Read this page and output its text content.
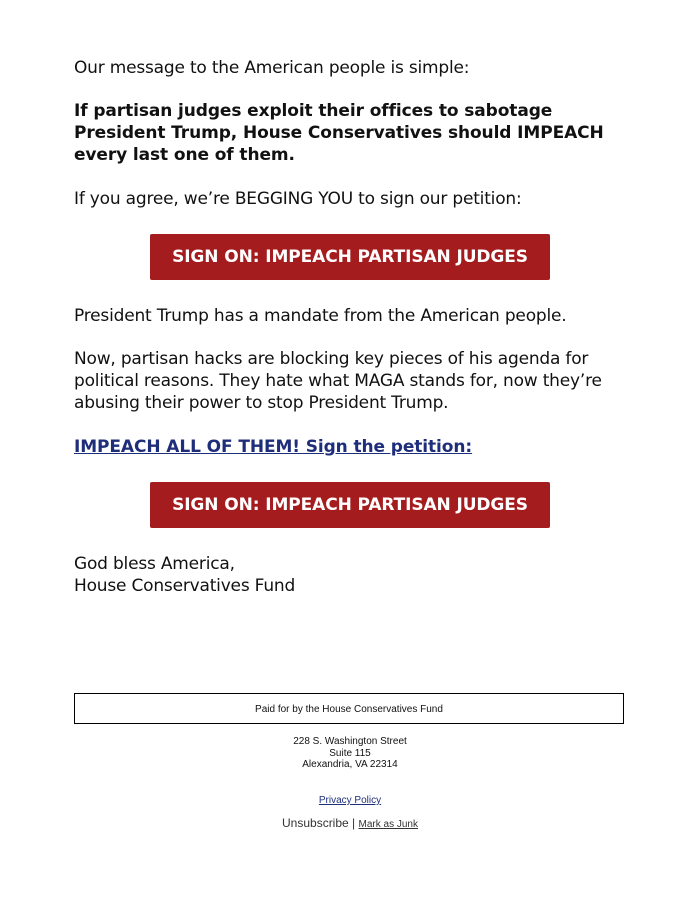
Our message to the American people is simple:

If partisan judges exploit their offices to sabotage President Trump, House Conservatives should IMPEACH every last one of them.

If you agree, we’re BEGGING YOU to sign our petition:

SIGN ON: IMPEACH PARTISAN JUDGES

President Trump has a mandate from the American people.

Now, partisan hacks are blocking key pieces of his agenda for political reasons. They hate what MAGA stands for, now they’re abusing their power to stop President Trump.

IMPEACH ALL OF THEM! Sign the petition:
SIGN ON: IMPEACH PARTISAN JUDGES

God bless America,

House Conservatives Fund

Paid for by the House Conservatives Fund
228 S. Washington Street
Suite 115
Alexandria, VA 22314
Privacy Policy
Unsubscribe | Mark as Junk
